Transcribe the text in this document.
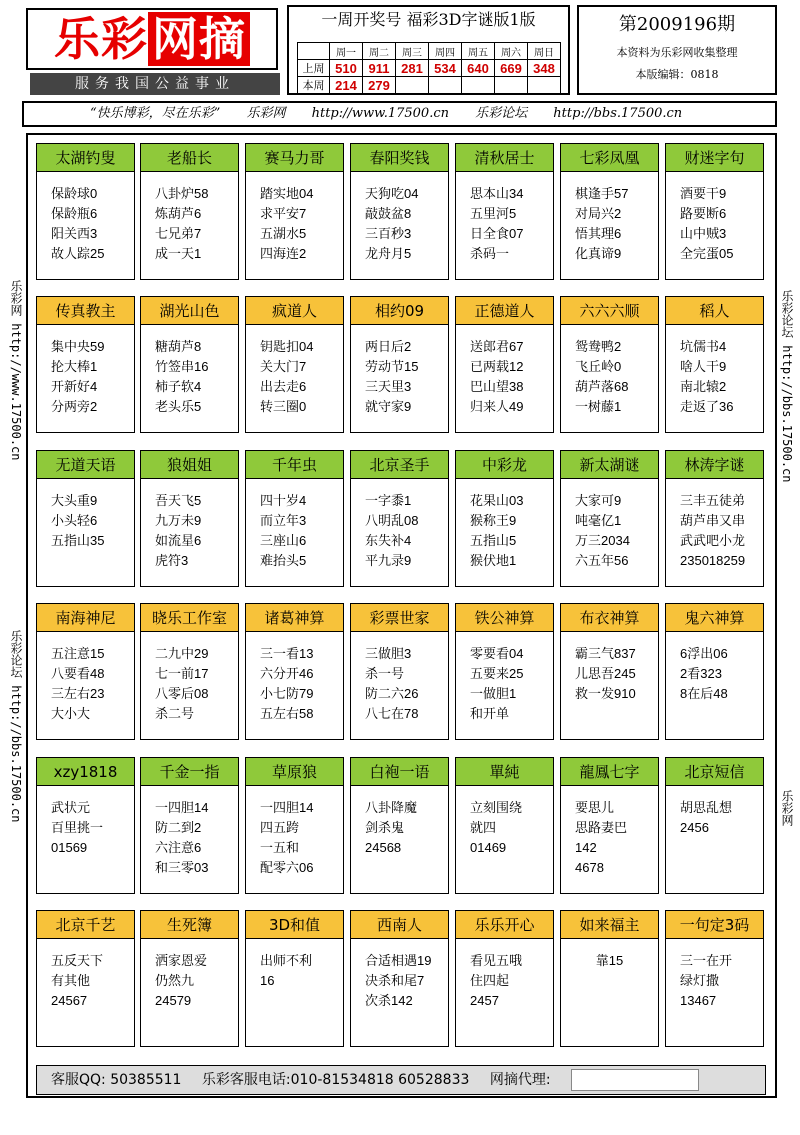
乐彩网摘
服务我国公益事业
一周开奖号 福彩3D字谜版1版
	周一	周二	周三	周四	周五	周六	周日
上周	510	911	281	534	640	669	348
本周	214	279					
第2009196期
本资料为乐彩网收集整理
本版编辑：0818
“快乐博彩，尽在乐彩” 乐彩网 http://www.17500.cn 乐彩论坛 http://bbs.17500.cn
乐彩网 http://www.17500.cn
乐彩论坛 http://bbs.17500.cn
乐彩论坛 http://bbs.17500.cn
乐彩网
太湖钓叟
保龄球0
保龄瓶6
阳关西3
故人踪25
老船长
八卦炉58
炼葫芦6
七兄弟7
成一天1
赛马力哥
踏实地04
求平安7
五湖水5
四海连2
春阳奖钱
天狗吃04
敲鼓盆8
三百秒3
龙舟月5
清秋居士
思本山34
五里河5
日全食07
杀码一
七彩凤凰
棋逢手57
对局兴2
悟其理6
化真谛9
财迷字句
酒要干9
路要断6
山中贼3
全完蛋05
传真教主
集中央59
抡大棒1
开新好4
分两旁2
湖光山色
糖葫芦8
竹签串16
柿子软4
老头乐5
疯道人
钥匙扣04
关大门7
出去走6
转三圈0
相约09
两日后2
劳动节15
三天里3
就守家9
正德道人
送郎君67
已两载12
巴山望38
归来人49
六六六顺
鸳鸯鸭2
飞丘岭0
葫芦落68
一树藤1
稻人
坑儒书4
啥人干9
南北辕2
走返了36
无道天语
大头重9
小头轻6
五指山35
狼姐姐
吾天飞5
九万未9
如流星6
虎符3
千年虫
四十岁4
而立年3
三座山6
难抬头5
北京圣手
一字黍1
八明乱08
东失补4
平九录9
中彩龙
花果山03
猴称王9
五指山5
猴伏地1
新太湖谜
大家可9
吨毫亿1
万三2034
六五年56
林涛字谜
三丰五徒弟
葫芦串又串
武武吧小龙
235018259
南海神尼
五注意15
八要看48
三左右23
大小大
晓乐工作室
二九中29
七一前17
八零后08
杀二号
诸葛神算
三一看13
六分开46
小七防79
五左右58
彩票世家
三做胆3
杀一号
防二六26
八七在78
铁公神算
零要看04
五要来25
一做胆1
和开单
布衣神算
霸三气837
儿思吾245
救一发910
鬼六神算
6浮出06
2看323
8在后48
xzy1818
武状元
百里挑一
01569
千金一指
一四胆14
防二到2
六注意6
和三零03
草原狼
一四胆14
四五跨
一五和
配零六06
白袍一语
八卦降魔
剑杀鬼
24568
單純
立刻围绕
就四
01469
龍鳳七字
要思儿
思路妻巴
142
4678
北京短信
胡思乱想
2456
北京千艺
五反天下
有其他
24567
生死簿
洒家恩爱
仍然九
24579
3D和值
出师不利
16
西南人
合适相遇19
决杀和尾7
次杀142
乐乐开心
看见五哦
住四起
2457
如来福主
靠15
一句定3码
三一在开
绿灯撒
13467
客服QQ: 50385511 乐彩客服电话:010-81534818 60528833 网摘代理:
